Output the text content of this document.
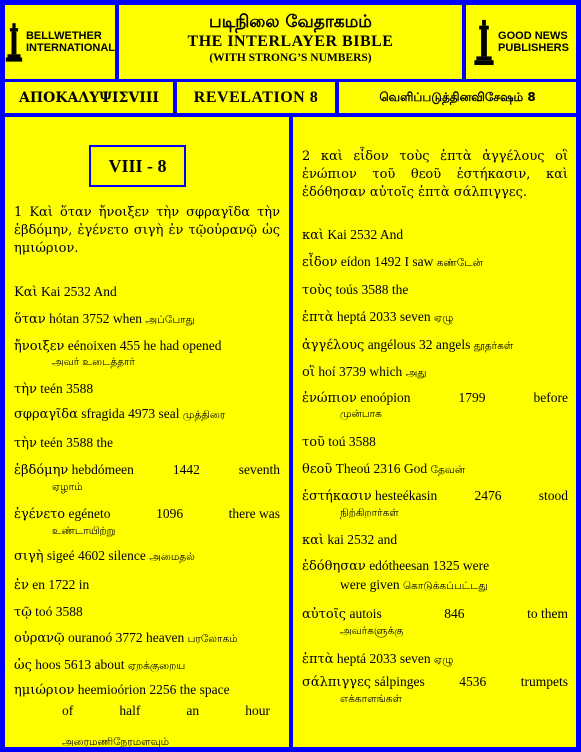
BELLWETHER
INTERNATIONAL
படிநிலை வேதாகமம்
THE INTERLAYER BIBLE
(WITH STRONG’S NUMBERS)
GOOD NEWS
PUBLISHERS
ΑΠΟΚΑΛΥΨΙΣVIII	REVELATION 8	வெளிப்படுத்தினவிசேஷம் 8
VIII - 8
1 Καὶ ὅταν ἤνοιξεν τὴν σφραγῖδα τὴν ἑβδόμην, ἐγένετο σιγὴ ἐν τῷοὐρανῷ ὡς ημιώριον.
2 καὶ εἶδον τοὺς ἑπτὰ ἀγγέλους οἳ ἐνώπιον τοῦ θεοῦ ἑστήκασιν, καὶ ἐδόθησαν αὐτοῖς ἑπτὰ σάλπιγγες.
Καὶ Kai 2532 And
ὅταν hótan 3752 when அப்போது
ἤνοιξεν eénoixen 455 he had opened
அவர் உடைத்தார்
τὴν teén 3588
σφραγῖδα sfragida 4973 seal முத்திரை
τὴν teén 3588 the
ἑβδόμην hebdómeen	1442	seventh
ஏழாம்
ἐγένετο egéneto	1096	there was
உண்டாயிற்று
σιγὴ sigeé 4602 silence அமைதல்
ἐν en 1722 in
τῷ toó 3588
οὐρανῷ ouranoó 3772 heaven பரலோகம்
ὡς hoos 5613 about ஏறக்குறைய
ημιώριον heemioórion 2256 the space
of	half	an	hour
அரைமணிநேரமளவும்
καὶ Kai 2532 And
εἶδον eídon 1492 I saw கண்டேன்
τοὺς toús 3588 the
ἑπτὰ heptá 2033 seven ஏழு
ἀγγέλους angélous 32 angels தூதர்கள்
οἳ hoí 3739 which அது
ἐνώπιον enoópion	1799	before
முன்பாக
τοῦ toú 3588
θεοῦ Theoú 2316 God தேவன்
ἑστήκασιν hesteékasin	2476	stood
நிற்கிறார்கள்
καὶ kai 2532 and
ἐδόθησαν edótheesan 1325 were
were given கொடுக்கப்பட்டது
αὐτοῖς autois	846	to them
அவர்களுக்கு
ἑπτὰ heptá 2033 seven ஏழு
σάλπιγγες sálpinges	4536	trumpets
எக்காளங்கள்
